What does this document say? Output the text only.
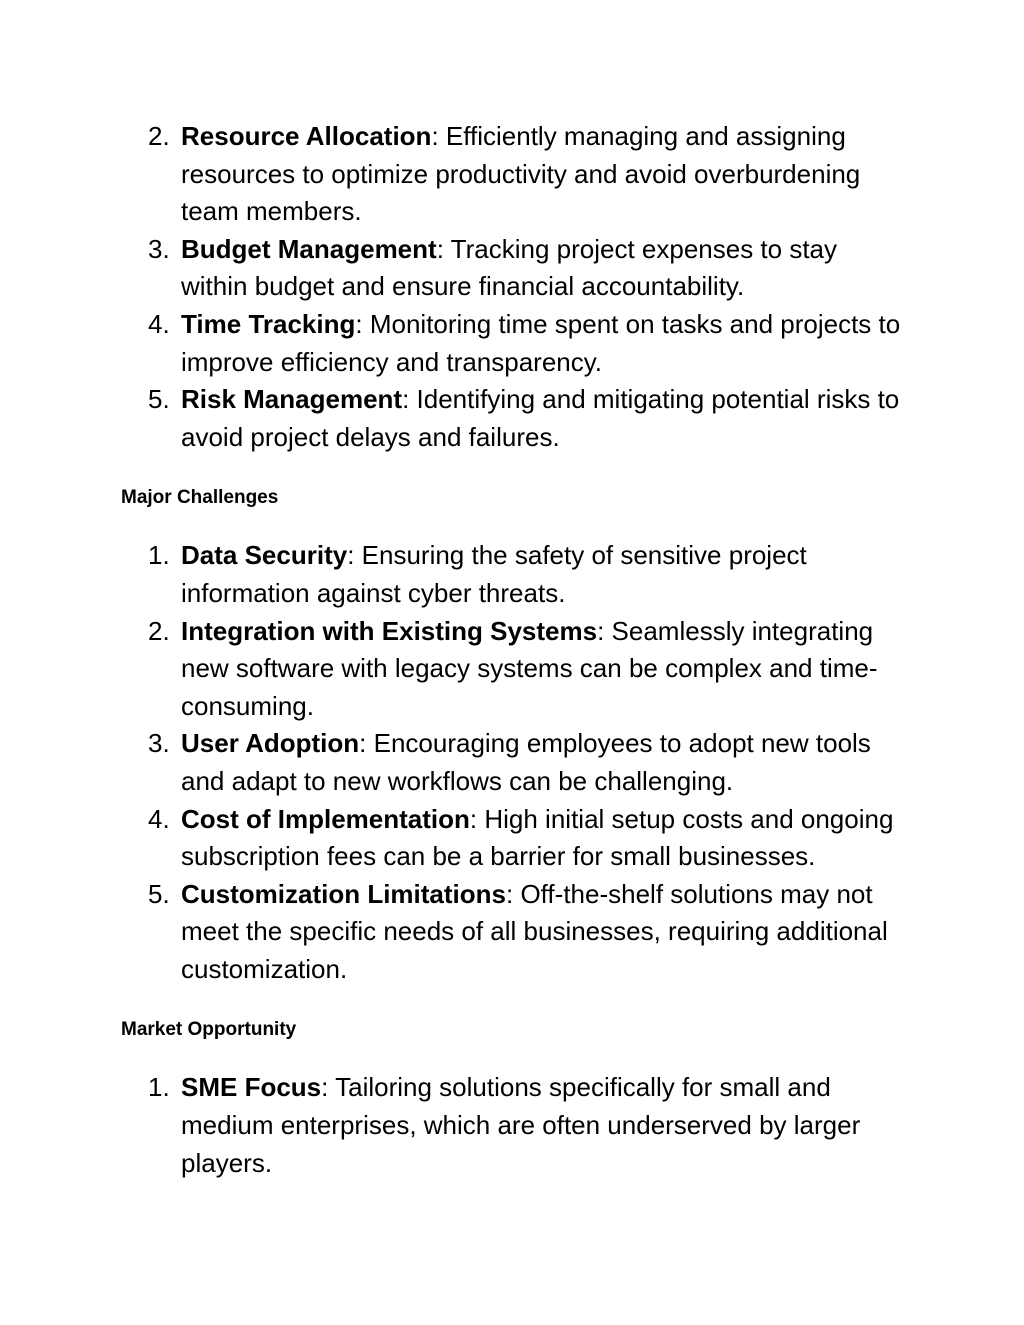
2. Resource Allocation: Efficiently managing and assigning resources to optimize productivity and avoid overburdening team members.
3. Budget Management: Tracking project expenses to stay within budget and ensure financial accountability.
4. Time Tracking: Monitoring time spent on tasks and projects to improve efficiency and transparency.
5. Risk Management: Identifying and mitigating potential risks to avoid project delays and failures.
Major Challenges
1. Data Security: Ensuring the safety of sensitive project information against cyber threats.
2. Integration with Existing Systems: Seamlessly integrating new software with legacy systems can be complex and time-consuming.
3. User Adoption: Encouraging employees to adopt new tools and adapt to new workflows can be challenging.
4. Cost of Implementation: High initial setup costs and ongoing subscription fees can be a barrier for small businesses.
5. Customization Limitations: Off-the-shelf solutions may not meet the specific needs of all businesses, requiring additional customization.
Market Opportunity
1. SME Focus: Tailoring solutions specifically for small and medium enterprises, which are often underserved by larger players.
